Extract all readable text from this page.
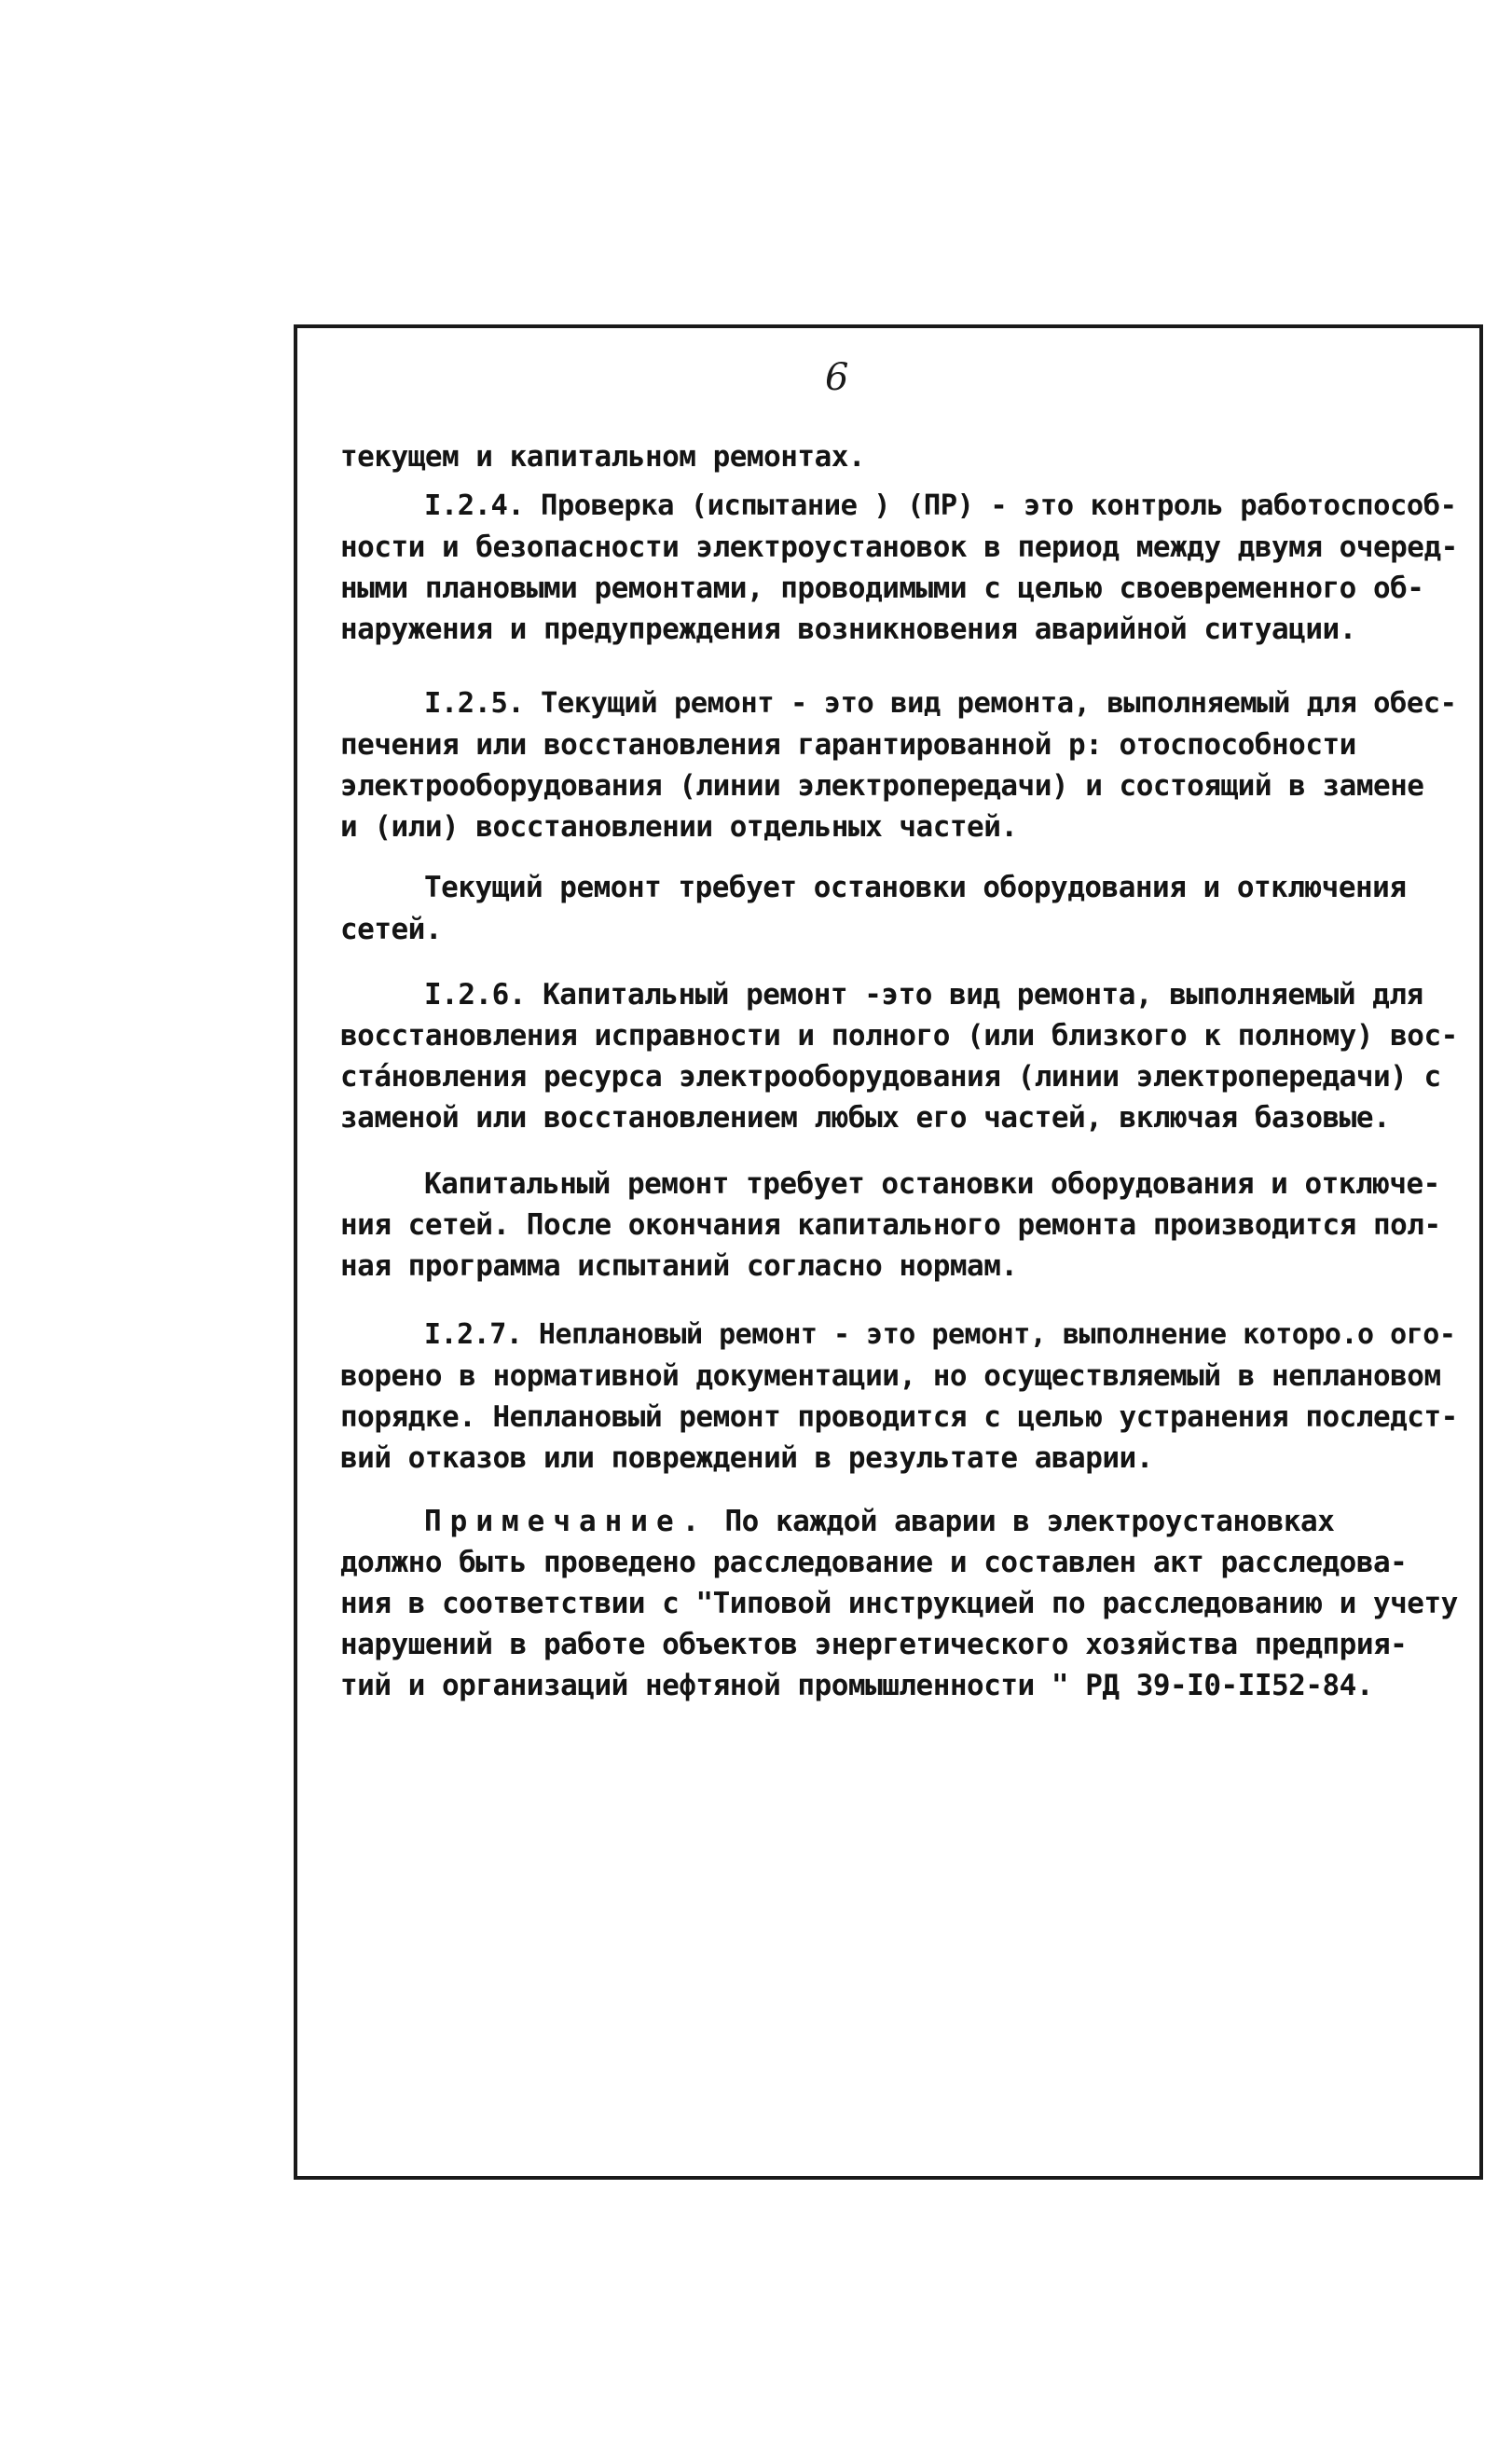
6
текущем и капитальном ремонтах.
I.2.4. Проверка (испытание ) (ПР) - это контроль работоспособ-
ности и безопасности электроустановок в период между двумя очеред-
ными плановыми ремонтами, проводимыми с целью своевременного об-
наружения и предупреждения возникновения аварийной ситуации.
I.2.5. Текущий ремонт - это вид ремонта, выполняемый для обес-
печения или восстановления гарантированной р: отоспособности
электрооборудования (линии электропередачи) и состоящий в замене
и (или) восстановлении отдельных частей.
Текущий ремонт требует остановки оборудования и отключения
сетей.
I.2.6. Капитальный ремонт -это вид ремонта, выполняемый для
восстановления исправности и полного (или близкого к полному) вос-
ста́новления ресурса электрооборудования (линии электропередачи) с
заменой или восстановлением любых его частей, включая базовые.
Капитальный ремонт требует остановки оборудования и отключе-
ния сетей. После окончания капитального ремонта производится пол-
ная программа испытаний согласно нормам.
I.2.7. Неплановый ремонт - это ремонт, выполнение которо.о ого-
ворено в нормативной документации, но осуществляемый в неплановом
порядке. Неплановый ремонт проводится с целью устранения последст-
вий отказов или повреждений в результате аварии.
Примечание. По каждой аварии в электроустановках
должно быть проведено расследование и составлен акт расследова-
ния в соответствии с "Типовой инструкцией по расследованию и учету
нарушений в работе объектов энергетического хозяйства предприя-
тий и организаций нефтяной промышленности " РД 39-I0-II52-84.
